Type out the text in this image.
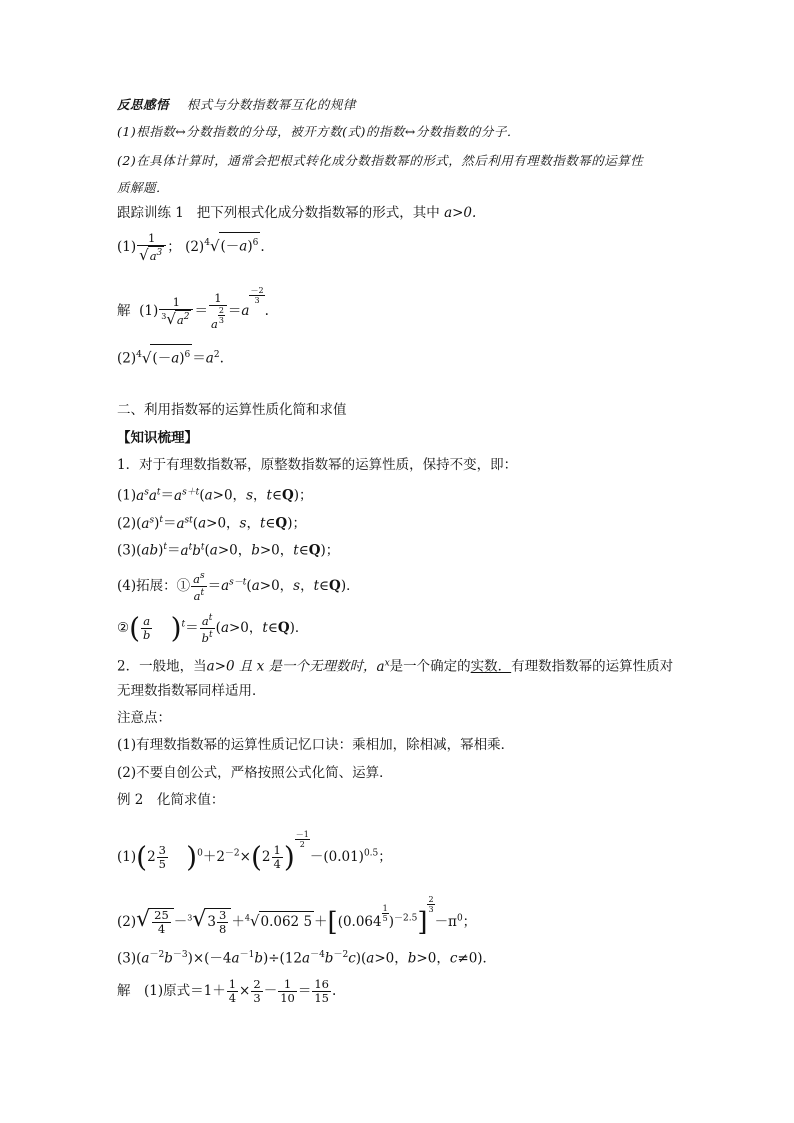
反思感悟 根式与分数指数幂互化的规律
(1)根指数↔分数指数的分母，被开方数(式)的指数↔分数指数的分子．
(2)在具体计算时，通常会把根式转化成分数指数幂的形式，然后利用有理数指数幂的运算性
质解题．
跟踪训练 1 把下列根式化成分数指数幂的形式，其中 a>0.
$(1) \frac{1}{√a^3}$ ； $(2)4√(-a)^6$ .
解  $(1) \frac{1}{^3√a^2} = \frac{1}{a \frac{2}{3}} =a$
$\frac{-2}{3}$
.
$(2)4√(-a)^6 =a^2$.
二、利用指数幂的运算性质化简和求值
【知识梳理】
1．对于有理数指数幂，原整数指数幂的运算性质，保持不变，即：
$(1)a^sa^t=a^{s+t}(a>0$，s，t∈Q)；
$(2)(a^s)^t=a^{st}(a>0$，s，t∈Q)；
$(3)(ab)^t=a^tb^t(a>0$，b>0，t∈Q)；
(4)拓展：① $\frac{a^s}{a^t} =a^{s-t}(a>0$，s，t∈Q)．
②( $\frac{a}{b} )^t= \frac{a^t}{b^t} (a>0$，t∈Q)．
2．一般地，当a>0 且 x 是一个无理数时，$a^x$是一个确定的实数．有理数指数幂的运算性质对
无理数指数幂同样适用．
注意点：
(1)有理数指数幂的运算性质记忆口诀：乘相加，除相减，幂相乘．
(2)不要自创公式，严格按照公式化简、运算．
例 2　化简求值：
$(1)(2 \frac{3}{5} )^0+2^{-2}\times(2 \frac{1}{4}$ )
$\frac{-1}{2}$
$-(0.01)^{0.5}$；
$(2)√ \frac{25}{4} -^3√3 \frac{3}{8} +^4√0.062$ $5 +[(0.064 \frac{1}{5} )^{-2.5}]$
$\frac{2}{3}$
$-\pi^0$；
$(3)(a^{-2}b^{-3})\times(-4a^{-1}b)\div(12a^{-4}b^{-2}c)(a>0$，b>0，c≠0)．
解　(1)原式$=1+ \frac{1}{4} \times \frac{2}{3} - \frac{1}{10} = \frac{16}{15}$ .
